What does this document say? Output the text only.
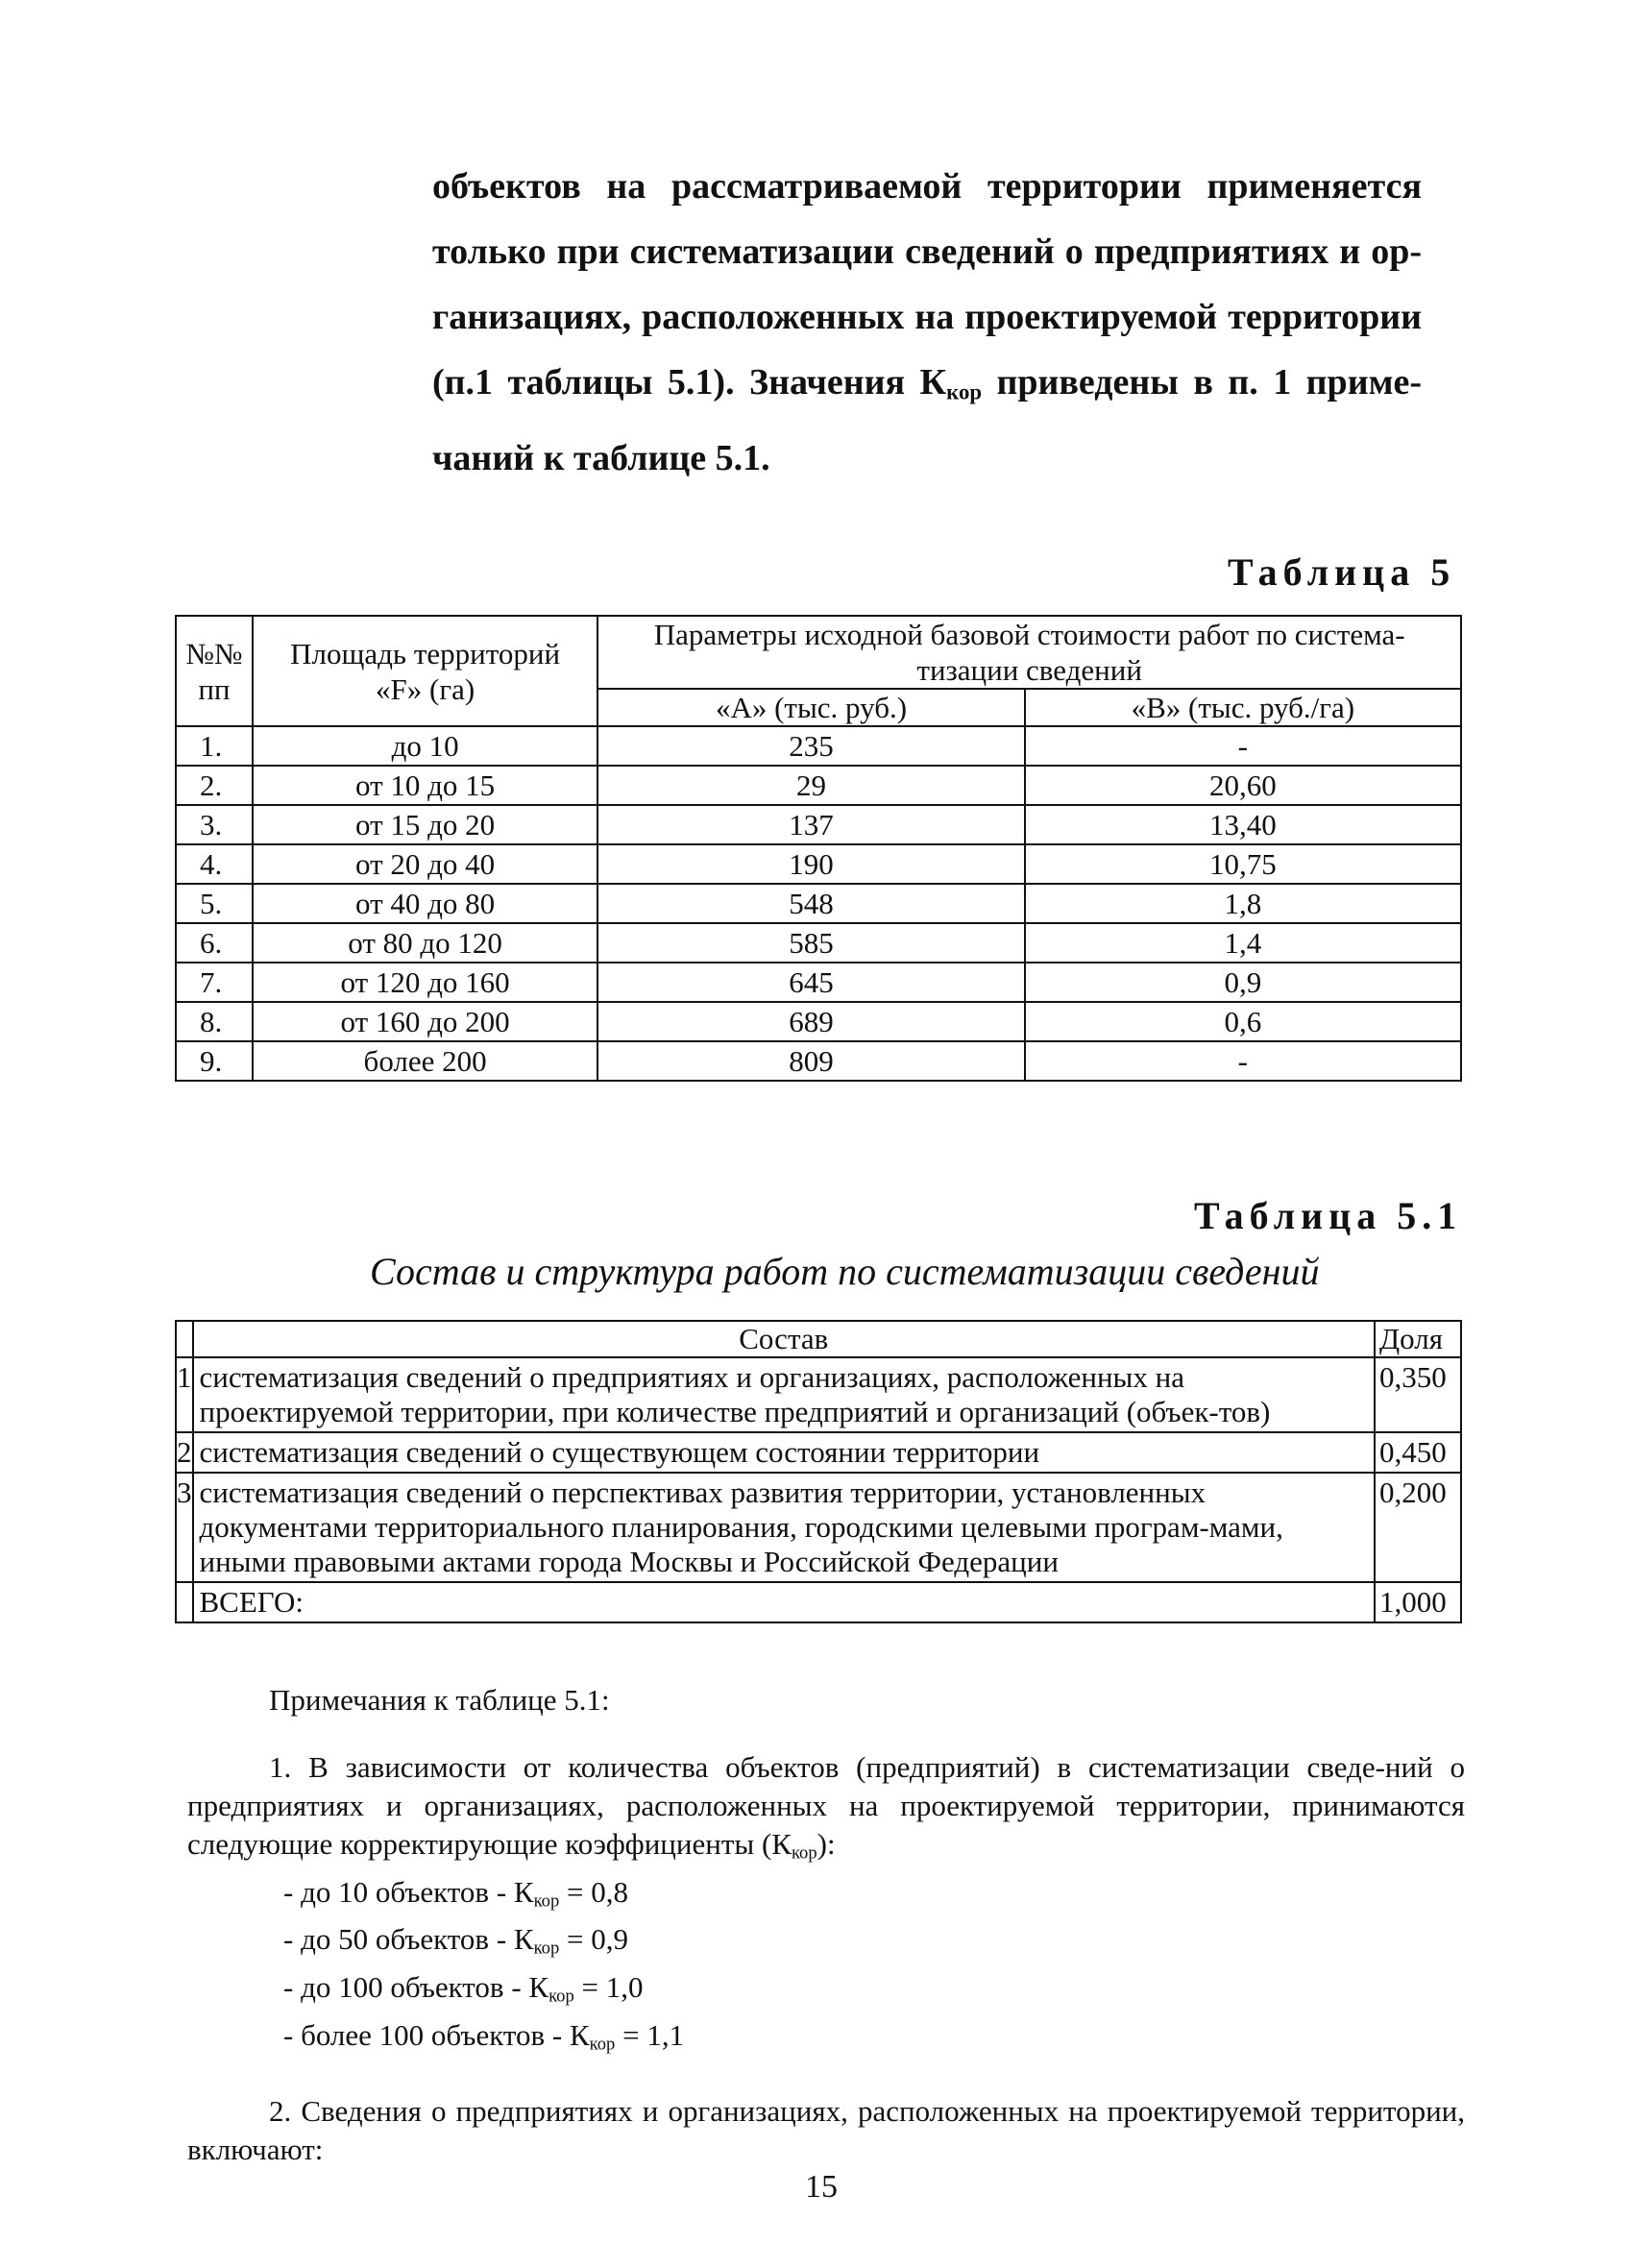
объектов на рассматриваемой территории применяется
только при систематизации сведений о предприятиях и ор-
ганизациях, расположенных на проектируемой территории
(п.1 таблицы 5.1). Значения $К_{кор}$ приведены в п. 1 приме-
чаний к таблице 5.1.
Таблица 5
№№ пп	Площадь территорий «F» (га)	Параметры исходной базовой стоимости работ по система-тизации сведений	
		«А» (тыс. руб.)	«В» (тыс. руб./га)
1.	до 10	235	-
2.	от 10 до 15	29	20,60
3.	от 15 до 20	137	13,40
4.	от 20 до 40	190	10,75
5.	от 40 до 80	548	1,8
6.	от 80 до 120	585	1,4
7.	от 120 до 160	645	0,9
8.	от 160 до 200	689	0,6
9.	более 200	809	-
Таблица 5.1
Состав и структура работ по систематизации сведений
	Состав	Доля
1	систематизация сведений о предприятиях и организациях, расположенных на проектируемой территории, при количестве предприятий и организаций (объек-тов)	0,350
2	систематизация сведений о существующем состоянии территории	0,450
3	систематизация сведений о перспективах развития территории, установленных документами территориального планирования, городскими целевыми програм-мами, иными правовыми актами города Москвы и Российской Федерации	0,200
	ВСЕГО:	1,000

Примечания к таблице 5.1:

1. В зависимости от количества объектов (предприятий) в систематизации сведе-ний о предприятиях и организациях, расположенных на проектируемой территории, принимаются следующие корректирующие коэффициенты $(К_{кор})$:

- до 10 объектов - $К_{кор} = 0,8$

- до 50 объектов - $К_{кор} = 0,9$

- до 100 объектов - $К_{кор} = 1,0$

- более 100 объектов - $К_{кор} = 1,1$

2. Сведения о предприятиях и организациях, расположенных на проектируемой территории, включают:

15
